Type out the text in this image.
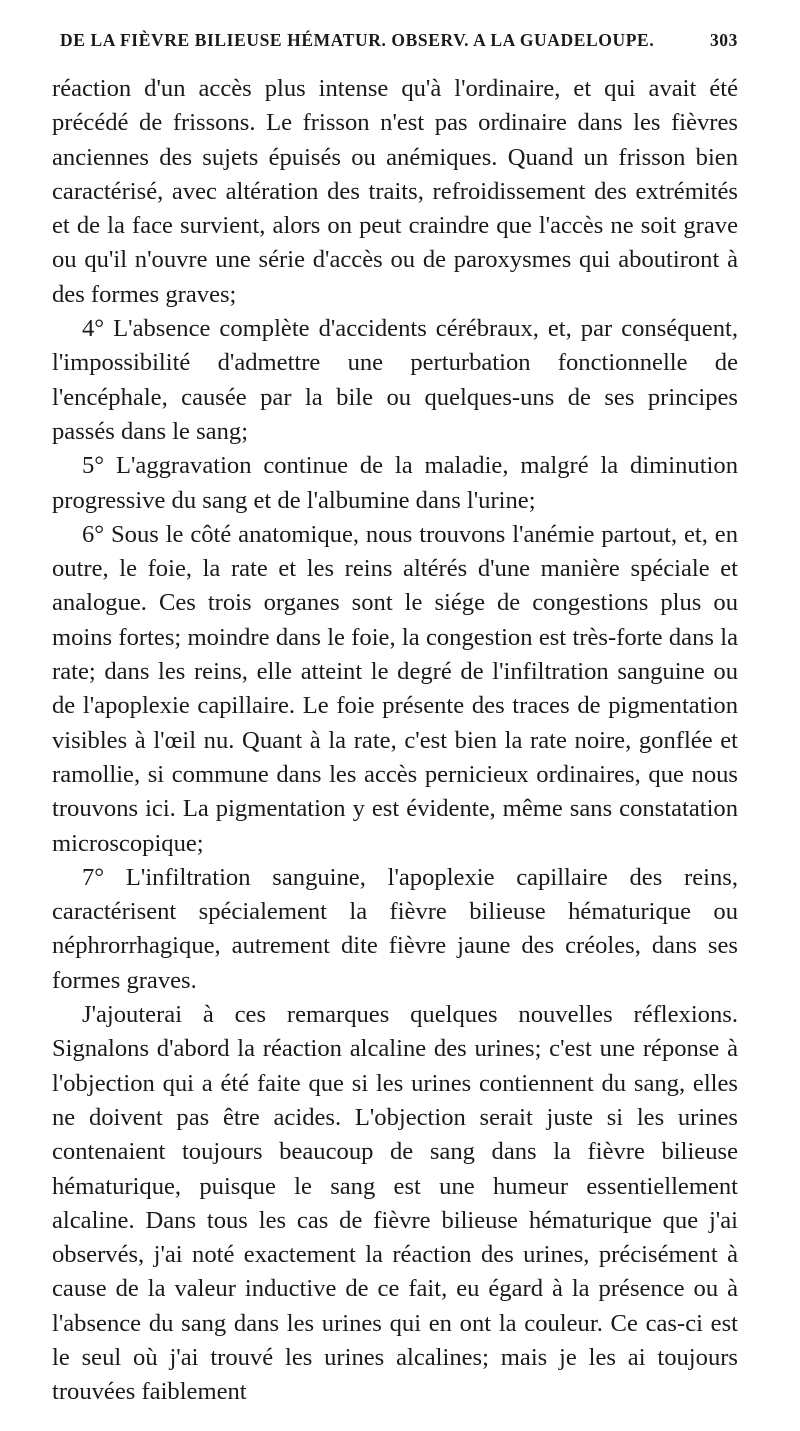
DE LA FIÈVRE BILIEUSE HÉMATUR. OBSERV. A LA GUADELOUPE.	303

réaction d'un accès plus intense qu'à l'ordinaire, et qui avait été précédé de frissons. Le frisson n'est pas ordinaire dans les fièvres anciennes des sujets épuisés ou anémiques. Quand un frisson bien caractérisé, avec altération des traits, refroidissement des extrémités et de la face survient, alors on peut craindre que l'accès ne soit grave ou qu'il n'ouvre une série d'accès ou de paroxysmes qui aboutiront à des formes graves;

4° L'absence complète d'accidents cérébraux, et, par conséquent, l'impossibilité d'admettre une perturbation fonctionnelle de l'encéphale, causée par la bile ou quelques-uns de ses principes passés dans le sang;

5° L'aggravation continue de la maladie, malgré la diminution progressive du sang et de l'albumine dans l'urine;

6° Sous le côté anatomique, nous trouvons l'anémie partout, et, en outre, le foie, la rate et les reins altérés d'une manière spéciale et analogue. Ces trois organes sont le siége de congestions plus ou moins fortes; moindre dans le foie, la congestion est très-forte dans la rate; dans les reins, elle atteint le degré de l'infiltration sanguine ou de l'apoplexie capillaire. Le foie présente des traces de pigmentation visibles à l'œil nu. Quant à la rate, c'est bien la rate noire, gonflée et ramollie, si commune dans les accès pernicieux ordinaires, que nous trouvons ici. La pigmentation y est évidente, même sans constatation microscopique;

7° L'infiltration sanguine, l'apoplexie capillaire des reins, caractérisent spécialement la fièvre bilieuse hématurique ou néphrorrhagique, autrement dite fièvre jaune des créoles, dans ses formes graves.

J'ajouterai à ces remarques quelques nouvelles réflexions. Signalons d'abord la réaction alcaline des urines; c'est une réponse à l'objection qui a été faite que si les urines contiennent du sang, elles ne doivent pas être acides. L'objection serait juste si les urines contenaient toujours beaucoup de sang dans la fièvre bilieuse hématurique, puisque le sang est une humeur essentiellement alcaline. Dans tous les cas de fièvre bilieuse hématurique que j'ai observés, j'ai noté exactement la réaction des urines, précisément à cause de la valeur inductive de ce fait, eu égard à la présence ou à l'absence du sang dans les urines qui en ont la couleur. Ce cas-ci est le seul où j'ai trouvé les urines alcalines; mais je les ai toujours trouvées faiblement
